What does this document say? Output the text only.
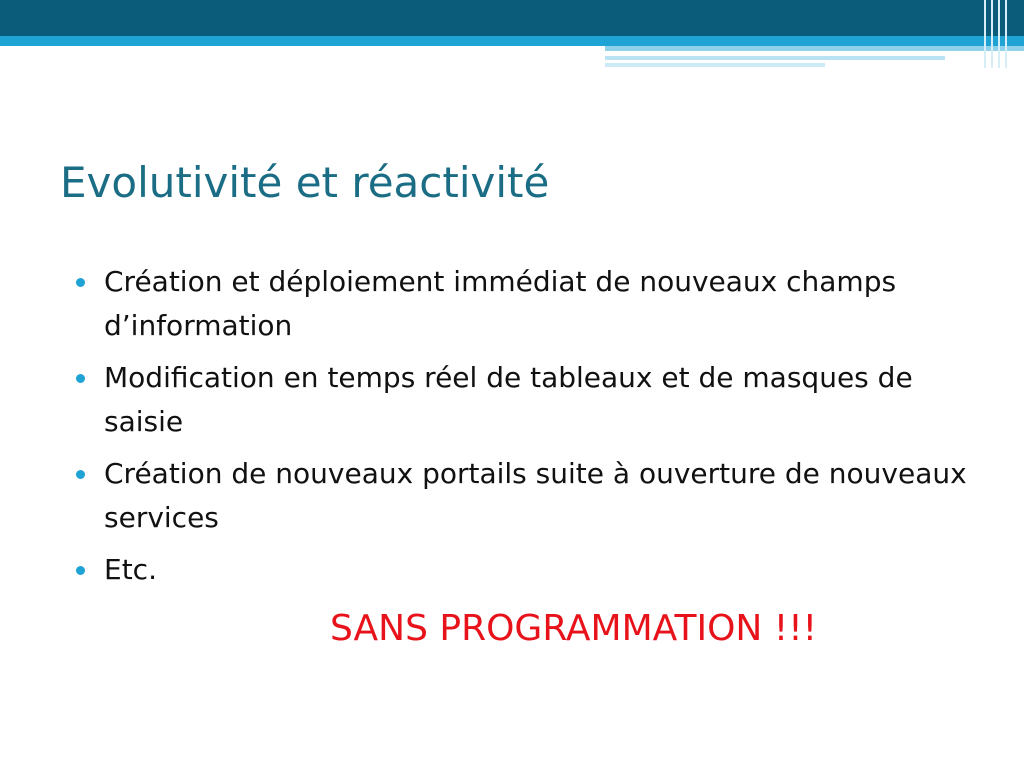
Evolutivité et réactivité
Création et déploiement immédiat de nouveaux champs d’information
Modification en temps réel de tableaux et de masques de saisie
Création de nouveaux portails suite à ouverture de nouveaux services
Etc.

SANS PROGRAMMATION !!!
